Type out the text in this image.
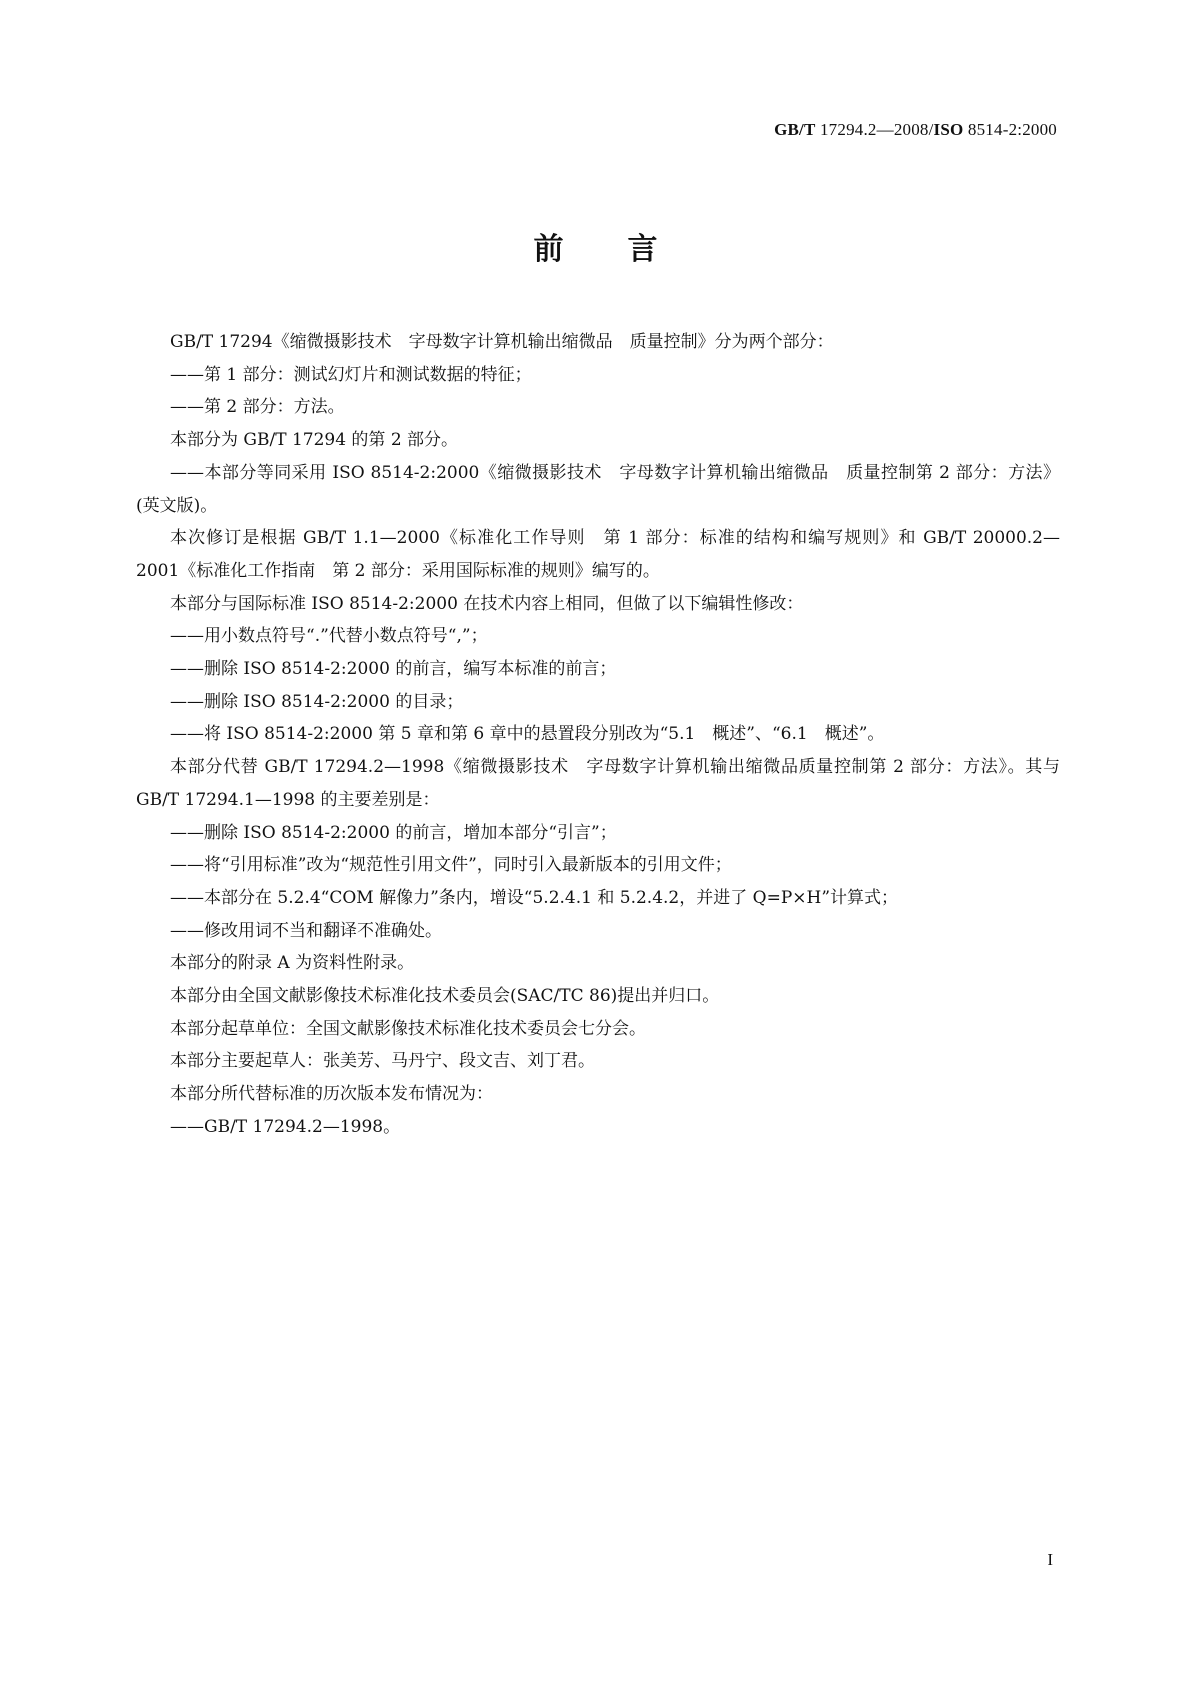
GB/T 17294.2—2008/ISO 8514-2:2000
前言

GB/T 17294《缩微摄影技术　字母数字计算机输出缩微品　质量控制》分为两个部分：

——第 1 部分：测试幻灯片和测试数据的特征；

——第 2 部分：方法。

本部分为 GB/T 17294 的第 2 部分。

——本部分等同采用 ISO 8514-2:2000《缩微摄影技术　字母数字计算机输出缩微品　质量控制第 2 部分：方法》(英文版)。

本次修订是根据 GB/T 1.1—2000《标准化工作导则　第 1 部分：标准的结构和编写规则》和 GB/T 20000.2—2001《标准化工作指南　第 2 部分：采用国际标准的规则》编写的。

本部分与国际标准 ISO 8514-2:2000 在技术内容上相同，但做了以下编辑性修改：

——用小数点符号“.”代替小数点符号“,”；

——删除 ISO 8514-2:2000 的前言，编写本标准的前言；

——删除 ISO 8514-2:2000 的目录；

——将 ISO 8514-2:2000 第 5 章和第 6 章中的悬置段分别改为“5.1　概述”、“6.1　概述”。

本部分代替 GB/T 17294.2—1998《缩微摄影技术　字母数字计算机输出缩微品质量控制第 2 部分：方法》。其与 GB/T 17294.1—1998 的主要差别是：

——删除 ISO 8514-2:2000 的前言，增加本部分“引言”；

——将“引用标准”改为“规范性引用文件”，同时引入最新版本的引用文件；

——本部分在 5.2.4“COM 解像力”条内，增设“5.2.4.1 和 5.2.4.2，并进了 Q=P×H”计算式；

——修改用词不当和翻译不准确处。

本部分的附录 A 为资料性附录。

本部分由全国文献影像技术标准化技术委员会(SAC/TC 86)提出并归口。

本部分起草单位：全国文献影像技术标准化技术委员会七分会。

本部分主要起草人：张美芳、马丹宁、段文吉、刘丁君。

本部分所代替标准的历次版本发布情况为：

——GB/T 17294.2—1998。

I
